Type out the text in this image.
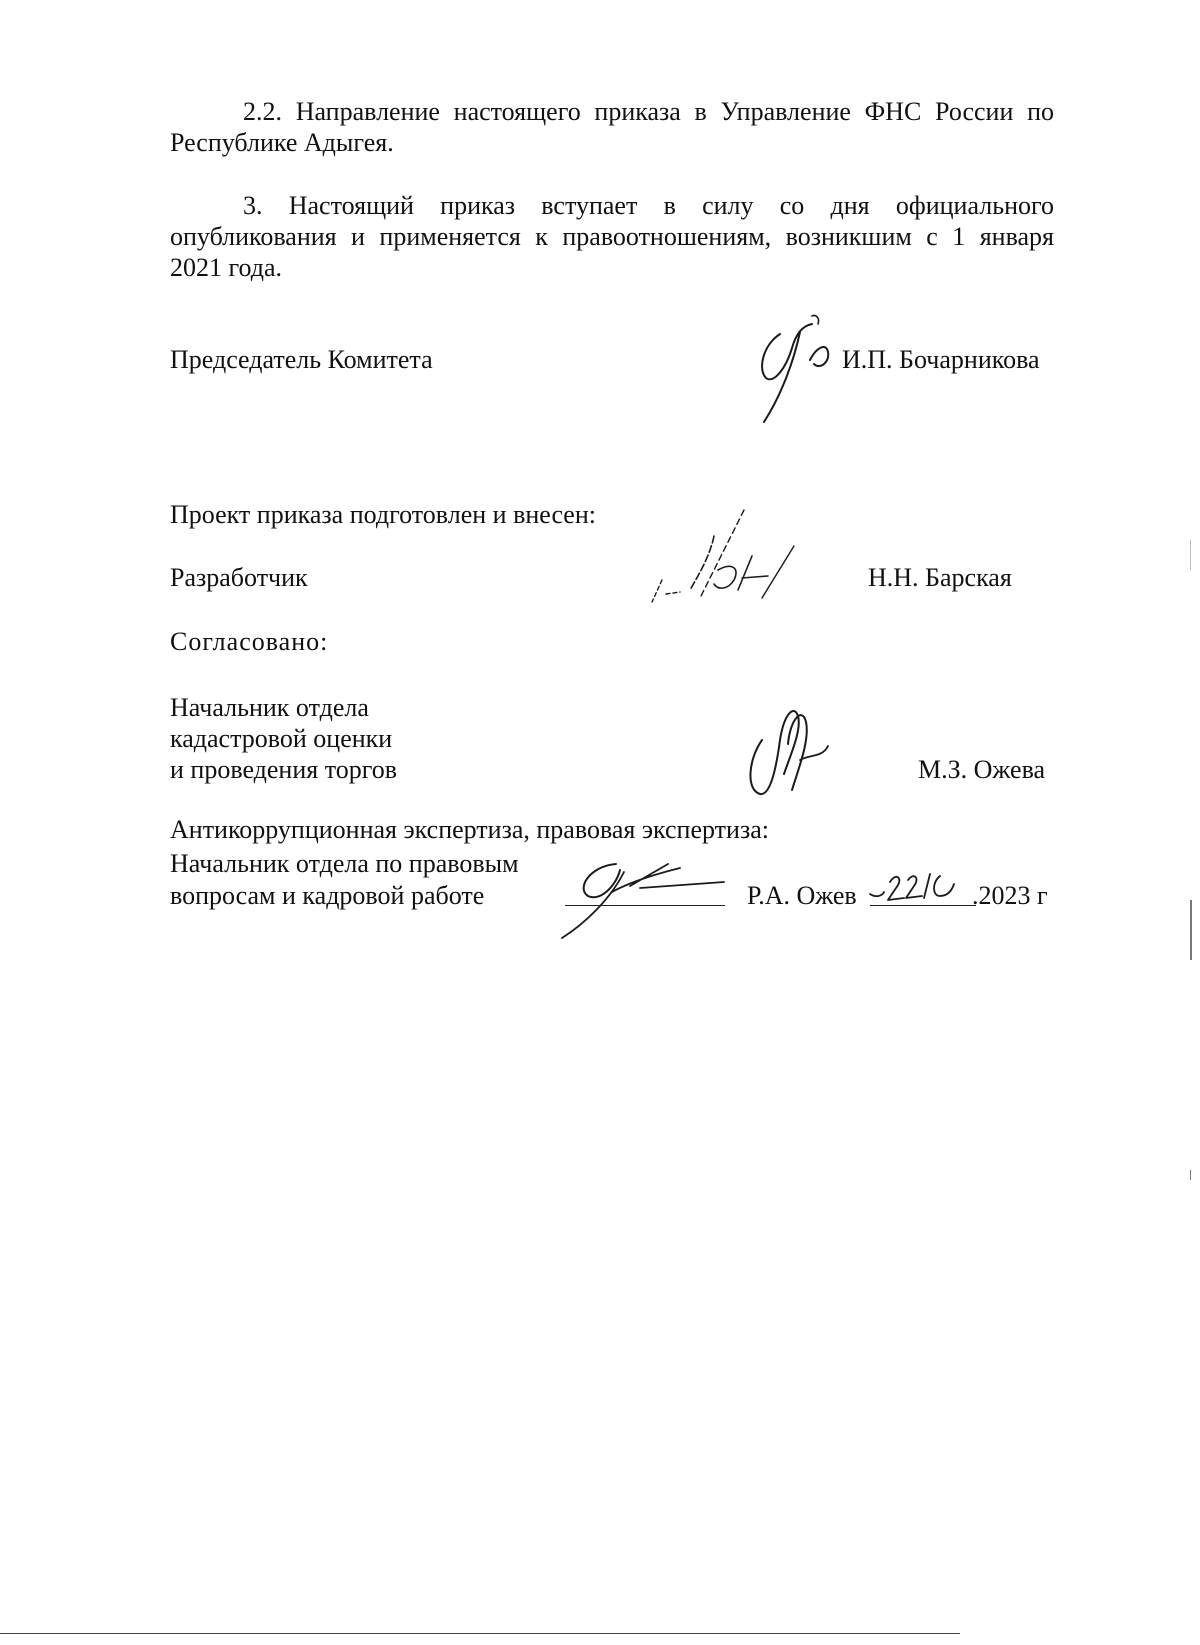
2.2. Направление настоящего приказа в Управление ФНС России по
Республике Адыгея.
3. Настоящий приказ вступает в силу со дня официального
опубликования и применяется к правоотношениям, возникшим с 1 января
2021 года.
Председатель Комитета	И.П. Бочарникова
Проект приказа подготовлен и внесен:
Разработчик	Н.Н. Барская
Согласовано:
Начальник отдела
кадастровой оценки
и проведения торгов	М.З. Ожева
Антикоррупционная экспертиза, правовая экспертиза:
Начальник отдела по правовым
вопросам и кадровой работе	Р.А. Ожев	.2023 г
